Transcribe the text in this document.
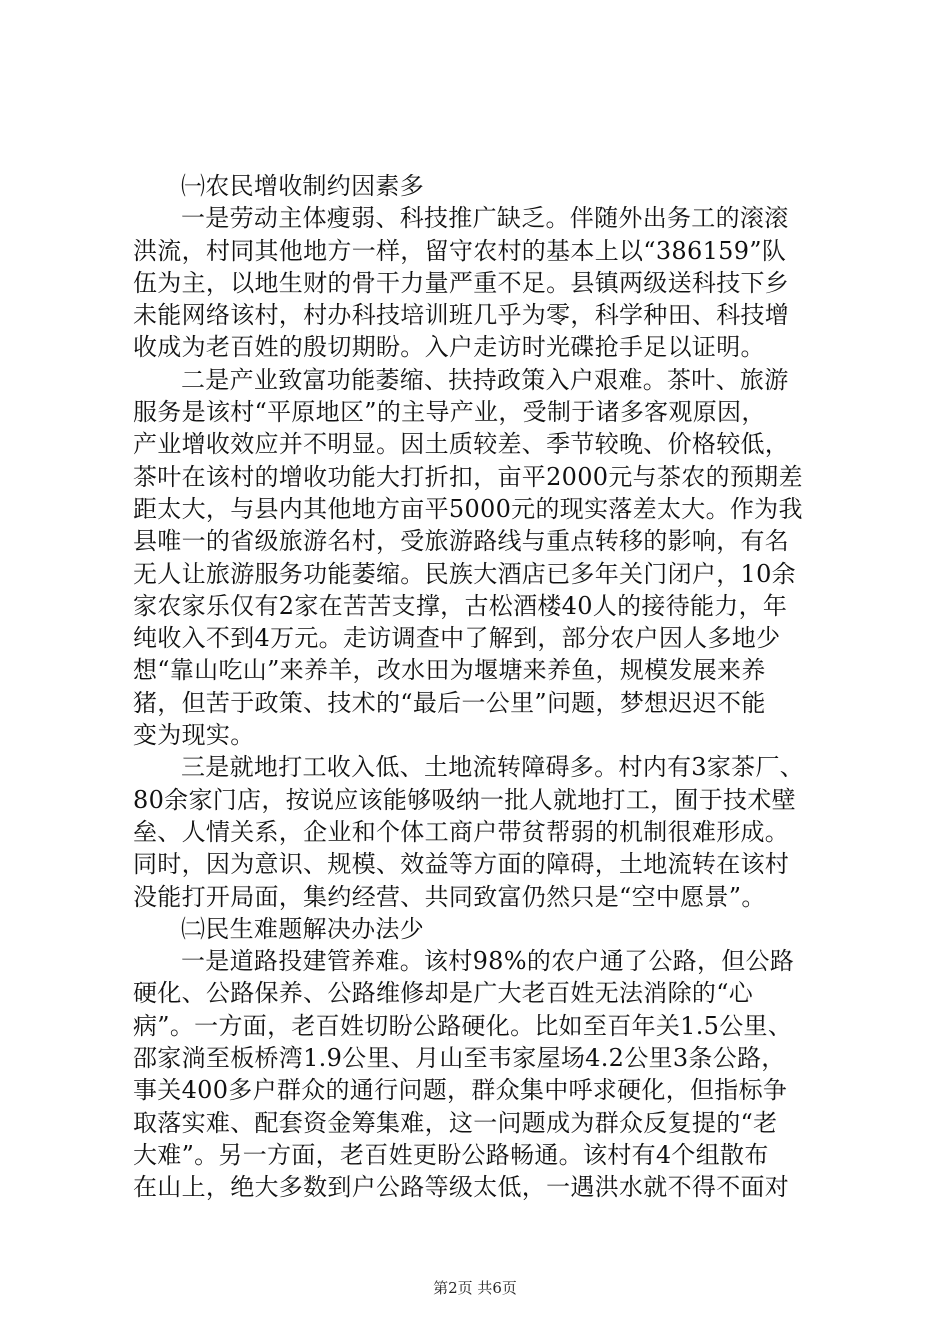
㈠农民增收制约因素多
一是劳动主体瘦弱、科技推广缺乏。伴随外出务工的滚滚
洪流，村同其他地方一样，留守农村的基本上以“386159”队
伍为主，以地生财的骨干力量严重不足。县镇两级送科技下乡
未能网络该村，村办科技培训班几乎为零，科学种田、科技增
收成为老百姓的殷切期盼。入户走访时光碟抢手足以证明。
二是产业致富功能萎缩、扶持政策入户艰难。茶叶、旅游
服务是该村“平原地区”的主导产业，受制于诸多客观原因，
产业增收效应并不明显。因土质较差、季节较晚、价格较低，
茶叶在该村的增收功能大打折扣，亩平2000元与茶农的预期差
距太大，与县内其他地方亩平5000元的现实落差太大。作为我
县唯一的省级旅游名村，受旅游路线与重点转移的影响，有名
无人让旅游服务功能萎缩。民族大酒店已多年关门闭户，10余
家农家乐仅有2家在苦苦支撑，古松酒楼40人的接待能力，年
纯收入不到4万元。走访调查中了解到，部分农户因人多地少
想“靠山吃山”来养羊，改水田为堰塘来养鱼，规模发展来养
猪，但苦于政策、技术的“最后一公里”问题，梦想迟迟不能
变为现实。
三是就地打工收入低、土地流转障碍多。村内有3家茶厂、
80余家门店，按说应该能够吸纳一批人就地打工，囿于技术壁
垒、人情关系，企业和个体工商户带贫帮弱的机制很难形成。
同时，因为意识、规模、效益等方面的障碍，土地流转在该村
没能打开局面，集约经营、共同致富仍然只是“空中愿景”。
㈡民生难题解决办法少
一是道路投建管养难。该村98%的农户通了公路，但公路
硬化、公路保养、公路维修却是广大老百姓无法消除的“心
病”。一方面，老百姓切盼公路硬化。比如至百年关1.5公里、
邵家淌至板桥湾1.9公里、月山至韦家屋场4.2公里3条公路，
事关400多户群众的通行问题，群众集中呼求硬化，但指标争
取落实难、配套资金筹集难，这一问题成为群众反复提的“老
大难”。另一方面，老百姓更盼公路畅通。该村有4个组散布
在山上，绝大多数到户公路等级太低，一遇洪水就不得不面对
第2页 共6页
